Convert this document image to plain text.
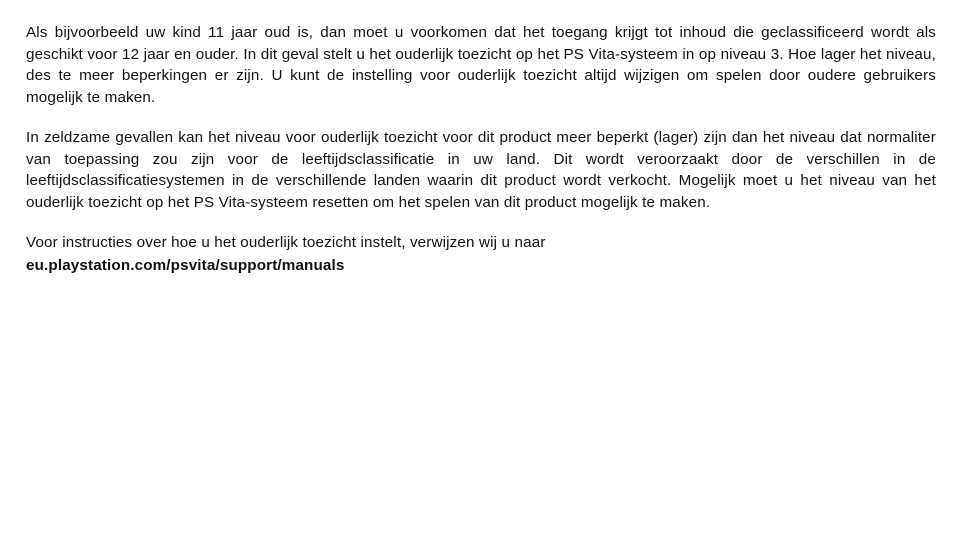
Als bijvoorbeeld uw kind 11 jaar oud is, dan moet u voorkomen dat het toegang krijgt tot inhoud die geclassificeerd wordt als geschikt voor 12 jaar en ouder. In dit geval stelt u het ouderlijk toezicht op het PS Vita-systeem in op niveau 3. Hoe lager het niveau, des te meer beperkingen er zijn. U kunt de instelling voor ouderlijk toezicht altijd wijzigen om spelen door oudere gebruikers mogelijk te maken.

In zeldzame gevallen kan het niveau voor ouderlijk toezicht voor dit product meer beperkt (lager) zijn dan het niveau dat normaliter van toepassing zou zijn voor de leeftijdsclassificatie in uw land. Dit wordt veroorzaakt door de verschillen in de leeftijdsclassificatiesystemen in de verschillende landen waarin dit product wordt verkocht. Mogelijk moet u het niveau van het ouderlijk toezicht op het PS Vita-systeem resetten om het spelen van dit product mogelijk te maken.

Voor instructies over hoe u het ouderlijk toezicht instelt, verwijzen wij u naar
eu.playstation.com/psvita/support/manuals
